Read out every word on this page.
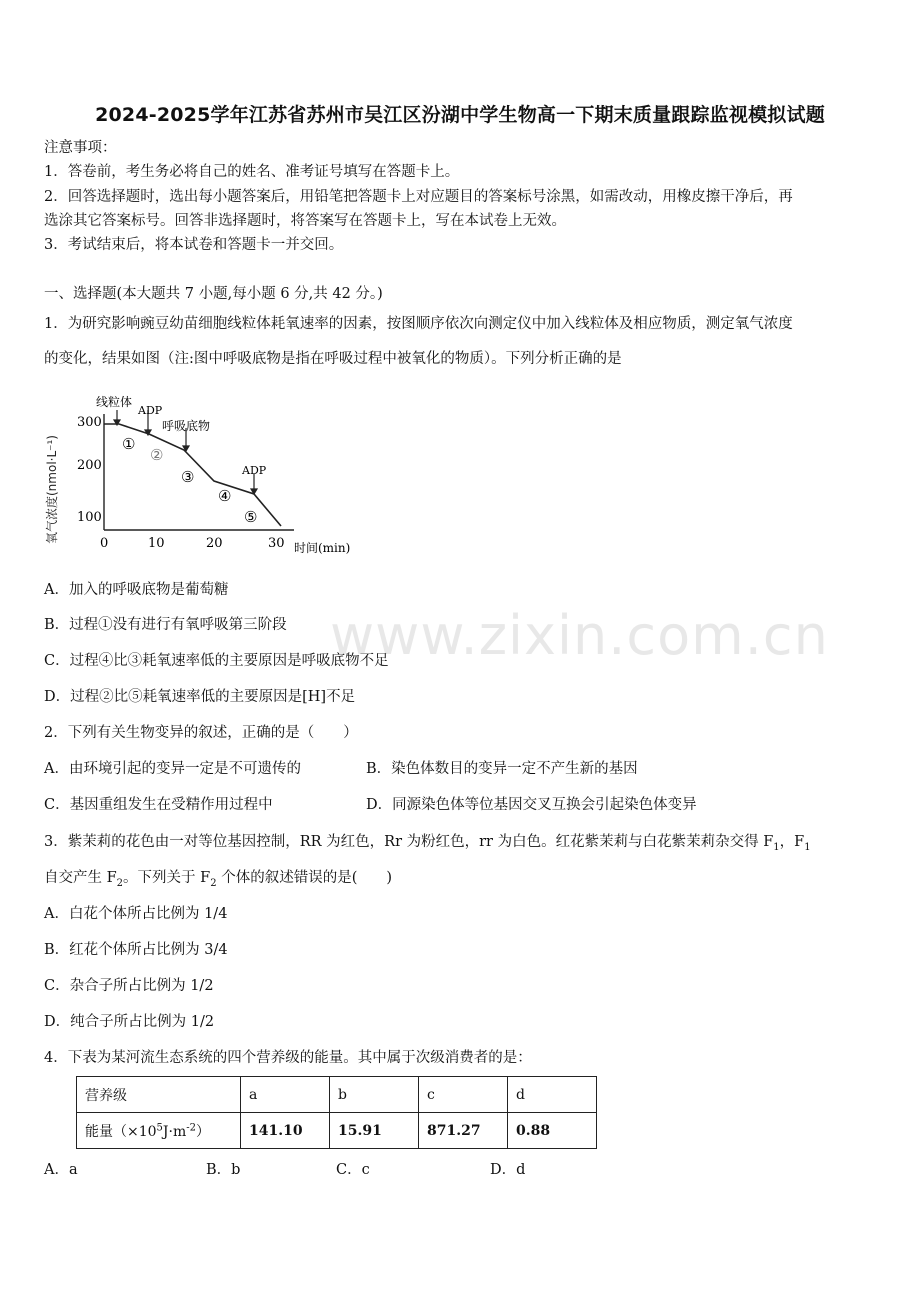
2024-2025学年江苏省苏州市吴江区汾湖中学生物高一下期末质量跟踪监视模拟试题
注意事项：
1．答卷前，考生务必将自己的姓名、准考证号填写在答题卡上。
2．回答选择题时，选出每小题答案后，用铅笔把答题卡上对应题目的答案标号涂黑，如需改动，用橡皮擦干净后，再
选涂其它答案标号。回答非选择题时，将答案写在答题卡上，写在本试卷上无效。
3．考试结束后，将本试卷和答题卡一并交回。
一、选择题(本大题共 7 小题,每小题 6 分,共 42 分。)
1．为研究影响豌豆幼苗细胞线粒体耗氧速率的因素，按图顺序依次向测定仪中加入线粒体及相应物质，测定氧气浓度
的变化，结果如图（注:图中呼吸底物是指在呼吸过程中被氧化的物质）。下列分析正确的是
氧气浓度(nmol·L⁻¹)
300
200
100
0	10	20	30 时间(min)
线粒体
ADP
呼吸底物
ADP
①
②
③
④
⑤
A．加入的呼吸底物是葡萄糖
B．过程①没有进行有氧呼吸第三阶段
C．过程④比③耗氧速率低的主要原因是呼吸底物不足
D．过程②比⑤耗氧速率低的主要原因是[H]不足
www.zixin.com.cn
2．下列有关生物变异的叙述，正确的是（　　）
A．由环境引起的变异一定是不可遗传的	B．染色体数目的变异一定不产生新的基因
C．基因重组发生在受精作用过程中	D．同源染色体等位基因交叉互换会引起染色体变异
3．紫茉莉的花色由一对等位基因控制，RR 为红色，Rr 为粉红色，rr 为白色。红花紫茉莉与白花紫茉莉杂交得 $F_1$，$F_1$
自交产生 $F_2$。下列关于 $F_2$ 个体的叙述错误的是(　　)
A．白花个体所占比例为 1/4
B．红花个体所占比例为 3/4
C．杂合子所占比例为 1/2
D．纯合子所占比例为 1/2
4．下表为某河流生态系统的四个营养级的能量。其中属于次级消费者的是：
营养级	a	b	c	d
能量$(\times 10^5J\cdot m^{-2})$	141.10	15.91	871.27	0.88
A．a	B．b	C．c	D．d
